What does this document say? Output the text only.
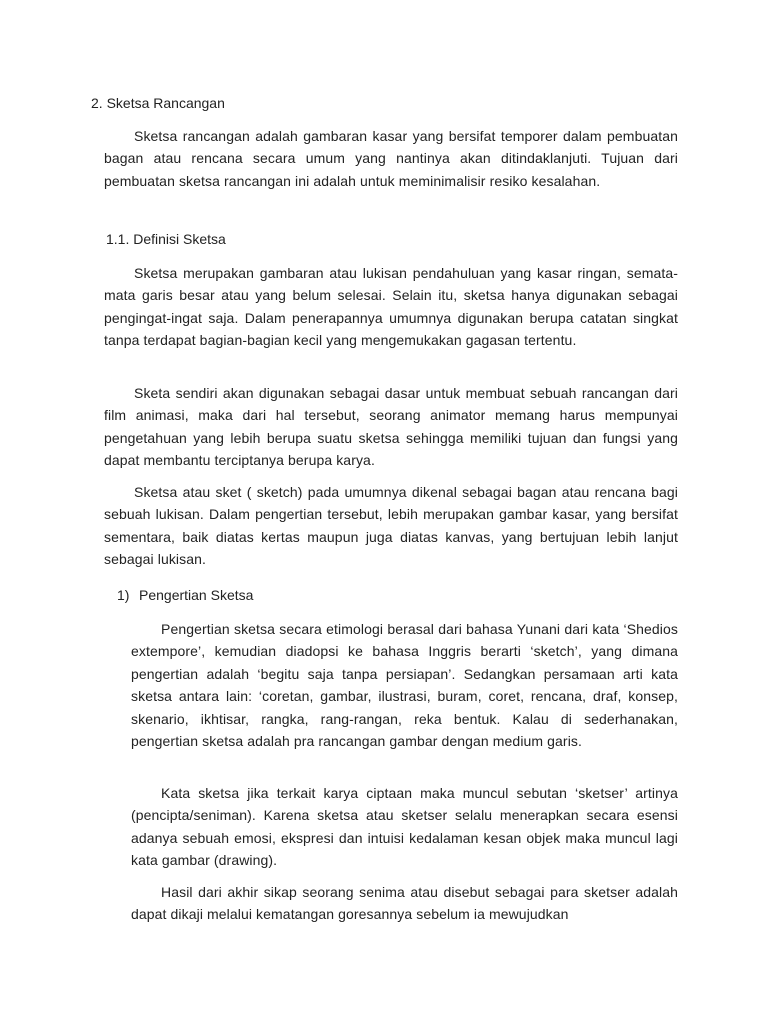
2. Sketsa Rancangan

Sketsa rancangan adalah gambaran kasar yang bersifat temporer dalam pembuatan bagan atau rencana secara umum yang nantinya akan ditindaklanjuti. Tujuan dari pembuatan sketsa rancangan ini adalah untuk meminimalisir resiko kesalahan.

1.1. Definisi Sketsa

Sketsa merupakan gambaran atau lukisan pendahuluan yang kasar ringan, semata-mata garis besar atau yang belum selesai. Selain itu, sketsa hanya digunakan sebagai pengingat-ingat saja. Dalam penerapannya umumnya digunakan berupa catatan singkat tanpa terdapat bagian-bagian kecil yang mengemukakan gagasan tertentu.

Sketa sendiri akan digunakan sebagai dasar untuk membuat sebuah rancangan dari film animasi, maka dari hal tersebut, seorang animator memang harus mempunyai pengetahuan yang lebih berupa suatu sketsa sehingga memiliki tujuan dan fungsi yang dapat membantu terciptanya berupa karya.

Sketsa atau sket ( sketch) pada umumnya dikenal sebagai bagan atau rencana bagi sebuah lukisan. Dalam pengertian tersebut, lebih merupakan gambar kasar, yang bersifat sementara, baik diatas kertas maupun juga diatas kanvas, yang bertujuan lebih lanjut sebagai lukisan.

1) Pengertian Sketsa

Pengertian sketsa secara etimologi berasal dari bahasa Yunani dari kata ‘Shedios extempore’, kemudian diadopsi ke bahasa Inggris berarti ‘sketch’, yang dimana pengertian adalah ‘begitu saja tanpa persiapan’. Sedangkan persamaan arti kata sketsa antara lain: ‘coretan, gambar, ilustrasi, buram, coret, rencana, draf, konsep, skenario, ikhtisar, rangka, rang-rangan, reka bentuk. Kalau di sederhanakan, pengertian sketsa adalah pra rancangan gambar dengan medium garis.

Kata sketsa jika terkait karya ciptaan maka muncul sebutan ‘sketser’ artinya (pencipta/seniman). Karena sketsa atau sketser selalu menerapkan secara esensi adanya sebuah emosi, ekspresi dan intuisi kedalaman kesan objek maka muncul lagi kata gambar (drawing).

Hasil dari akhir sikap seorang senima atau disebut sebagai para sketser adalah dapat dikaji melalui kematangan goresannya sebelum ia mewujudkan
